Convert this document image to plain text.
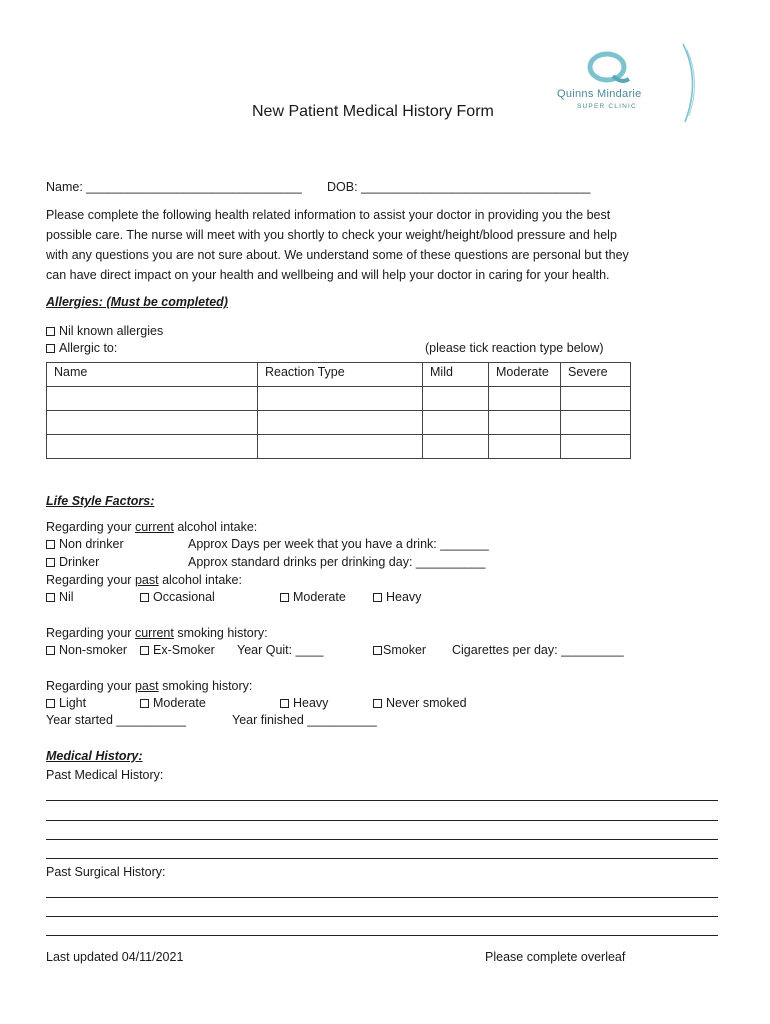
Quinns Mindarie
SUPER CLINIC
New Patient Medical History Form
Name: _______________________________ DOB: _________________________________
Please complete the following health related information to assist your doctor in providing you the best
possible care. The nurse will meet with you shortly to check your weight/height/blood pressure and help
with any questions you are not sure about. We understand some of these questions are personal but they
can have direct impact on your health and wellbeing and will help your doctor in caring for your health.
Allergies: (Must be completed)
Nil known allergies
Allergic to:	(please tick reaction type below)
Name	Reaction Type	Mild	Moderate	Severe

Life Style Factors:
Regarding your current alcohol intake:
Non drinker	Approx Days per week that you have a drink: _______
Drinker	Approx standard drinks per drinking day: __________
Regarding your past alcohol intake:
Nil	Occasional	Moderate	Heavy
Regarding your current smoking history:
Non-smoker	Ex-Smoker Year Quit: ____	Smoker Cigarettes per day: _________
Regarding your past smoking history:
Light	Moderate	Heavy	Never smoked
Year started __________	Year finished __________
Medical History:
Past Medical History:
Past Surgical History:
Last updated 04/11/2021	Please complete overleaf
